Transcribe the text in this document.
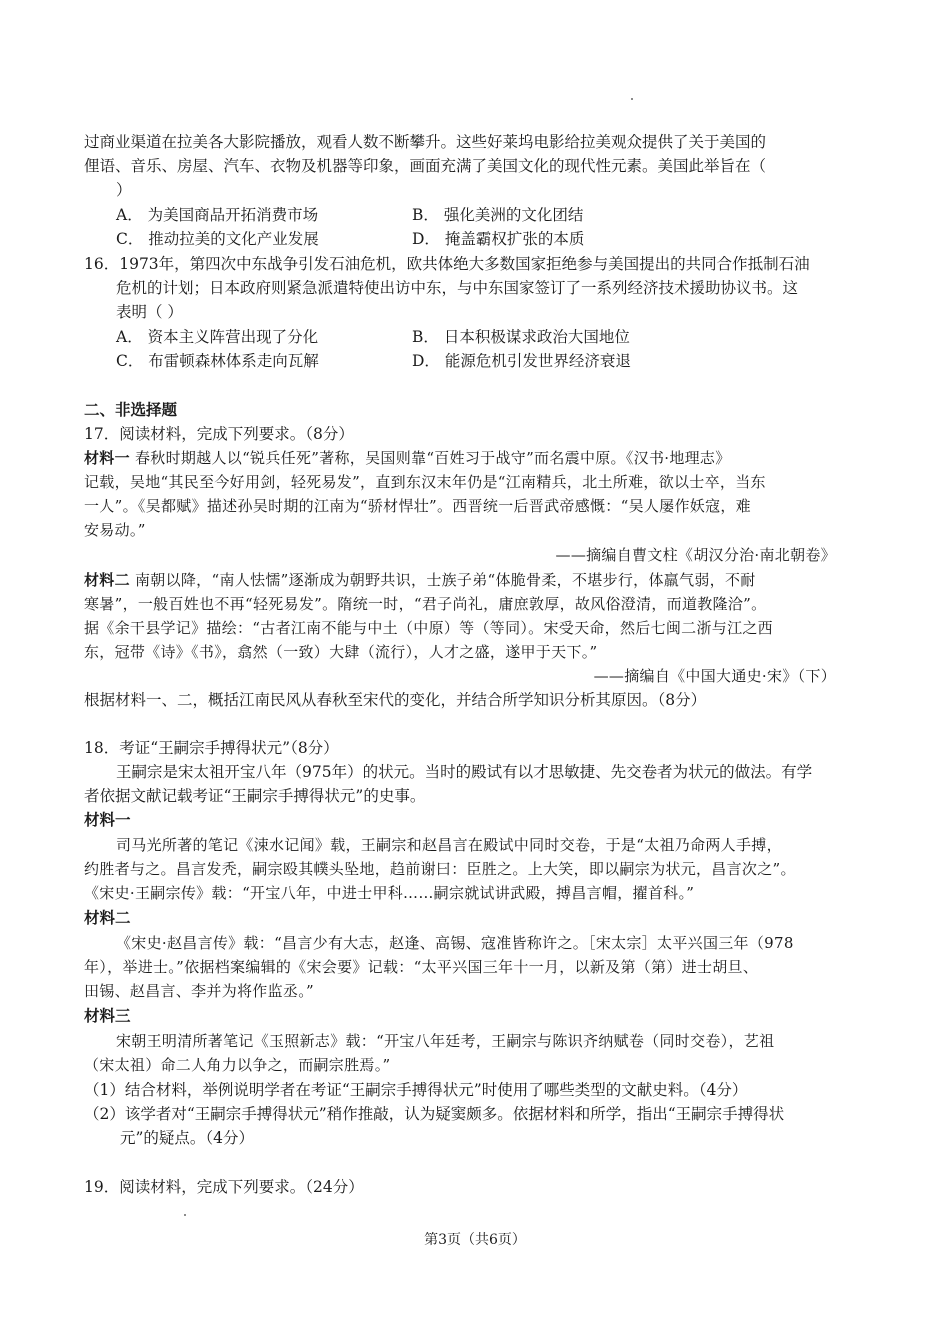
过商业渠道在拉美各大影院播放，观看人数不断攀升。这些好莱坞电影给拉美观众提供了关于美国的
俚语、音乐、房屋、汽车、衣物及机器等印象，画面充满了美国文化的现代性元素。美国此举旨在（
）
A． 为美国商品开拓消费市场	B． 强化美洲的文化团结
C． 推动拉美的文化产业发展	D． 掩盖霸权扩张的本质
16．1973年，第四次中东战争引发石油危机，欧共体绝大多数国家拒绝参与美国提出的共同合作抵制石油
危机的计划；日本政府则紧急派遣特使出访中东，与中东国家签订了一系列经济技术援助协议书。这
表明（ ）
A． 资本主义阵营出现了分化	B． 日本积极谋求政治大国地位
C． 布雷顿森林体系走向瓦解	D． 能源危机引发世界经济衰退
二、非选择题
17．阅读材料，完成下列要求。（8分）
材料一 春秋时期越人以“锐兵任死”著称，吴国则靠“百姓习于战守”而名震中原。《汉书·地理志》
记载，吴地“其民至今好用剑，轻死易发”，直到东汉末年仍是“江南精兵，北土所难，欲以士卒，当东
一人”。《吴都赋》描述孙吴时期的江南为“骄材悍壮”。西晋统一后晋武帝感慨：“吴人屡作妖寇，难
安易动。”
——摘编自曹文柱《胡汉分治·南北朝卷》
材料二 南朝以降，“南人怯懦”逐渐成为朝野共识，士族子弟“体脆骨柔，不堪步行，体羸气弱，不耐
寒暑”，一般百姓也不再“轻死易发”。隋统一时，“君子尚礼，庸庶敦厚，故风俗澄清，而道教隆洽”。
据《余干县学记》描绘：“古者江南不能与中土（中原）等（等同）。宋受天命，然后七闽二浙与江之西
东，冠带《诗》《书》，翕然（一致）大肆（流行），人才之盛，遂甲于天下。”
——摘编自《中国大通史·宋》（下）
根据材料一、二，概括江南民风从春秋至宋代的变化，并结合所学知识分析其原因。（8分）
18．考证“王嗣宗手搏得状元”（8分）
王嗣宗是宋太祖开宝八年（975年）的状元。当时的殿试有以才思敏捷、先交卷者为状元的做法。有学
者依据文献记载考证“王嗣宗手搏得状元”的史事。
材料一
司马光所著的笔记《涑水记闻》载，王嗣宗和赵昌言在殿试中同时交卷，于是“太祖乃命两人手搏，
约胜者与之。昌言发秃，嗣宗殴其幞头坠地，趋前谢曰：臣胜之。上大笑，即以嗣宗为状元，昌言次之”。
《宋史·王嗣宗传》载：“开宝八年，中进士甲科……嗣宗就试讲武殿，搏昌言帽，擢首科。”
材料二
《宋史·赵昌言传》载：“昌言少有大志，赵逢、高锡、寇准皆称许之。［宋太宗］太平兴国三年（978
年），举进士。”依据档案编辑的《宋会要》记载：“太平兴国三年十一月，以新及第（第）进士胡旦、
田锡、赵昌言、李并为将作监丞。”
材料三
宋朝王明清所著笔记《玉照新志》载：“开宝八年廷考，王嗣宗与陈识齐纳赋卷（同时交卷），艺祖
（宋太祖）命二人角力以争之，而嗣宗胜焉。”
（1）结合材料，举例说明学者在考证“王嗣宗手搏得状元”时使用了哪些类型的文献史料。（4分）
（2）该学者对“王嗣宗手搏得状元”稍作推敲，认为疑窦颇多。依据材料和所学，指出“王嗣宗手搏得状
元”的疑点。（4分）
19．阅读材料，完成下列要求。（24分）
第3页（共6页）
